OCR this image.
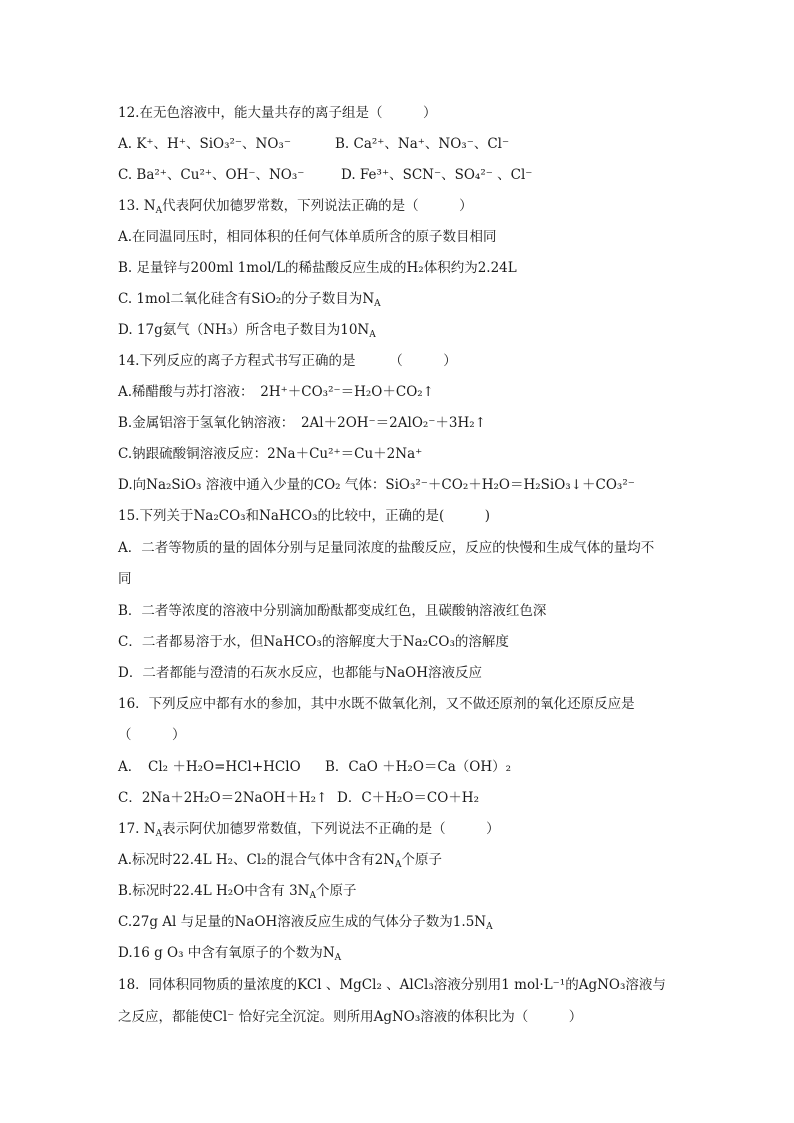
12.在无色溶液中，能大量共存的离子组是（　　　）
A. K⁺、H⁺、SiO₃²⁻、NO₃⁻	B. Ca²⁺、Na⁺、NO₃⁻、Cl⁻
C. Ba²⁺、Cu²⁺、OH⁻、NO₃⁻	D. Fe³⁺、SCN⁻、SO₄²⁻ 、Cl⁻
13. $N_A$代表阿伏加德罗常数，下列说法正确的是（　　　）
A.在同温同压时，相同体积的任何气体单质所含的原子数目相同
B. 足量锌与200ml 1mol/L的稀盐酸反应生成的H₂体积约为2.24L
C. 1mol二氧化硅含有SiO₂的分子数目为$N_A$
D. 17g氨气（NH₃）所含电子数目为$10N_A$
14.下列反应的离子方程式书写正确的是　　　（　　　）
A.稀醋酸与苏打溶液：　2H⁺＋CO₃²⁻＝H₂O＋CO₂↑
B.金属铝溶于氢氧化钠溶液：　2Al＋2OH⁻＝2AlO₂⁻＋3H₂↑
C.钠跟硫酸铜溶液反应：2Na＋Cu²⁺＝Cu＋2Na⁺
D.向Na₂SiO₃ 溶液中通入少量的CO₂ 气体：SiO₃²⁻＋CO₂＋H₂O＝H₂SiO₃↓＋CO₃²⁻
15.下列关于Na₂CO₃和NaHCO₃的比较中，正确的是(　　　)
A．二者等物质的量的固体分别与足量同浓度的盐酸反应，反应的快慢和生成气体的量均不
同
B．二者等浓度的溶液中分别滴加酚酞都变成红色，且碳酸钠溶液红色深
C．二者都易溶于水，但NaHCO₃的溶解度大于Na₂CO₃的溶解度
D．二者都能与澄清的石灰水反应，也都能与NaOH溶液反应
16．下列反应中都有水的参加，其中水既不做氧化剂，又不做还原剂的氧化还原反应是
（　　　）
A．　Cl₂ ＋H₂O=HCl+HClO B．CaO ＋H₂O＝Ca（OH）₂
C．2Na＋2H₂O＝2NaOH＋H₂↑ D．C＋H₂O＝CO＋H₂
17. $N_A$表示阿伏加德罗常数值，下列说法不正确的是（　　　）
A.标况时22.4L H₂、Cl₂的混合气体中含有$2N_A$个原子
B.标况时22.4L H₂O中含有 $3N_A$个原子
C.27g Al 与足量的NaOH溶液反应生成的气体分子数为$1.5N_A$
D.16 g O₃ 中含有氧原子的个数为$N_A$
18．同体积同物质的量浓度的KCl 、MgCl₂ 、AlCl₃溶液分别用1 mol·L⁻¹的AgNO₃溶液与
之反应，都能使Cl⁻ 恰好完全沉淀。则所用AgNO₃溶液的体积比为（　　　）
